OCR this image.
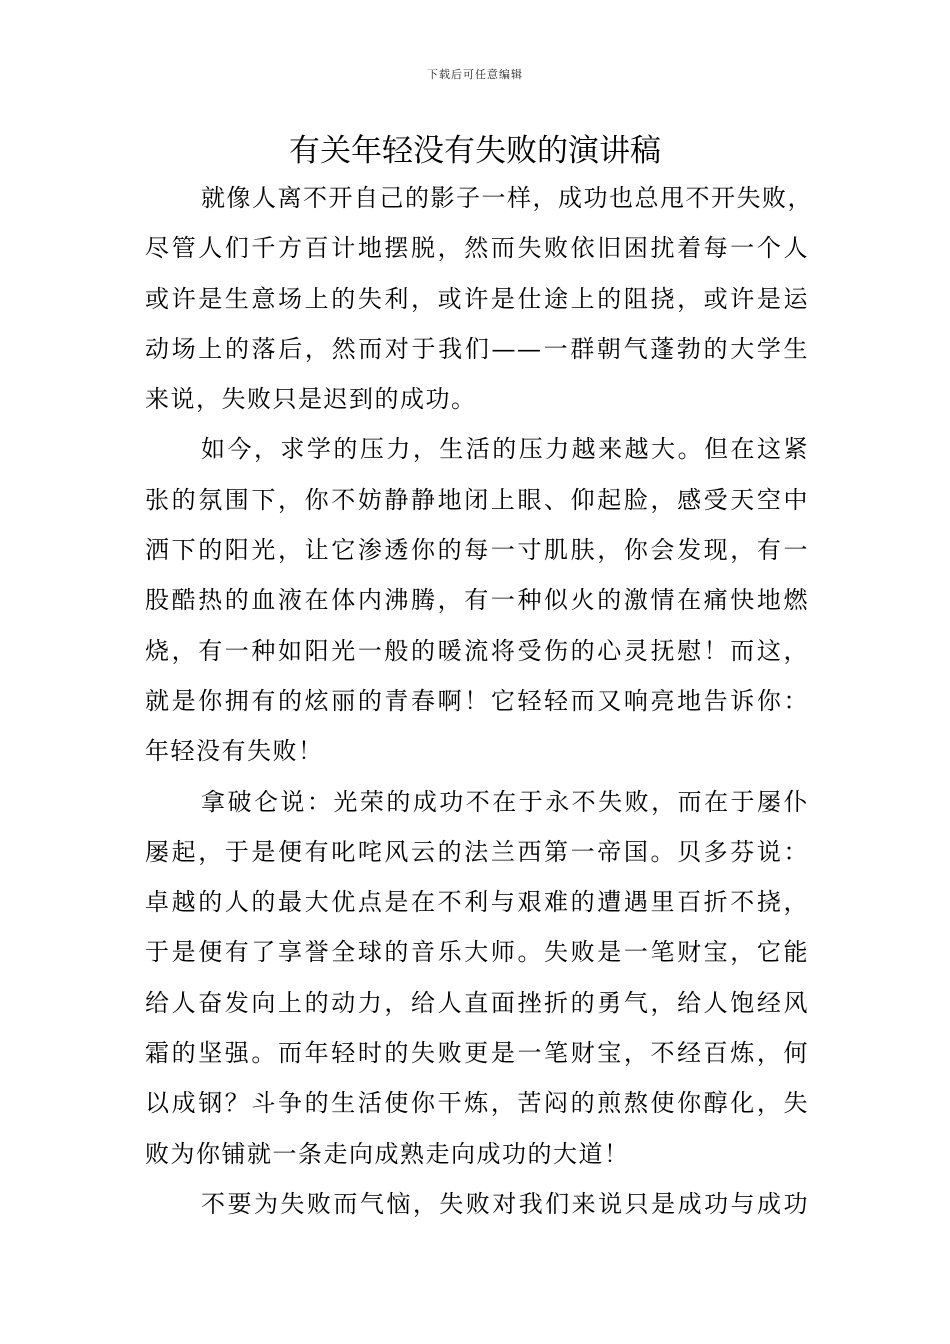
下载后可任意编辑
有关年轻没有失败的演讲稿

就像人离不开自己的影子一样，成功也总甩不开失败，
尽管人们千方百计地摆脱，然而失败依旧困扰着每一个人
或许是生意场上的失利，或许是仕途上的阻挠，或许是运
动场上的落后，然而对于我们——一群朝气蓬勃的大学生
来说，失败只是迟到的成功。

如今，求学的压力，生活的压力越来越大。但在这紧
张的氛围下，你不妨静静地闭上眼、仰起脸，感受天空中
洒下的阳光，让它渗透你的每一寸肌肤，你会发现，有一
股酷热的血液在体内沸腾，有一种似火的激情在痛快地燃
烧，有一种如阳光一般的暖流将受伤的心灵抚慰！而这，
就是你拥有的炫丽的青春啊！它轻轻而又响亮地告诉你：
年轻没有失败！

拿破仑说：光荣的成功不在于永不失败，而在于屡仆
屡起，于是便有叱咤风云的法兰西第一帝国。贝多芬说：
卓越的人的最大优点是在不利与艰难的遭遇里百折不挠，
于是便有了享誉全球的音乐大师。失败是一笔财宝，它能
给人奋发向上的动力，给人直面挫折的勇气，给人饱经风
霜的坚强。而年轻时的失败更是一笔财宝，不经百炼，何
以成钢？斗争的生活使你干炼，苦闷的煎熬使你醇化，失
败为你铺就一条走向成熟走向成功的大道！

不要为失败而气恼，失败对我们来说只是成功与成功
